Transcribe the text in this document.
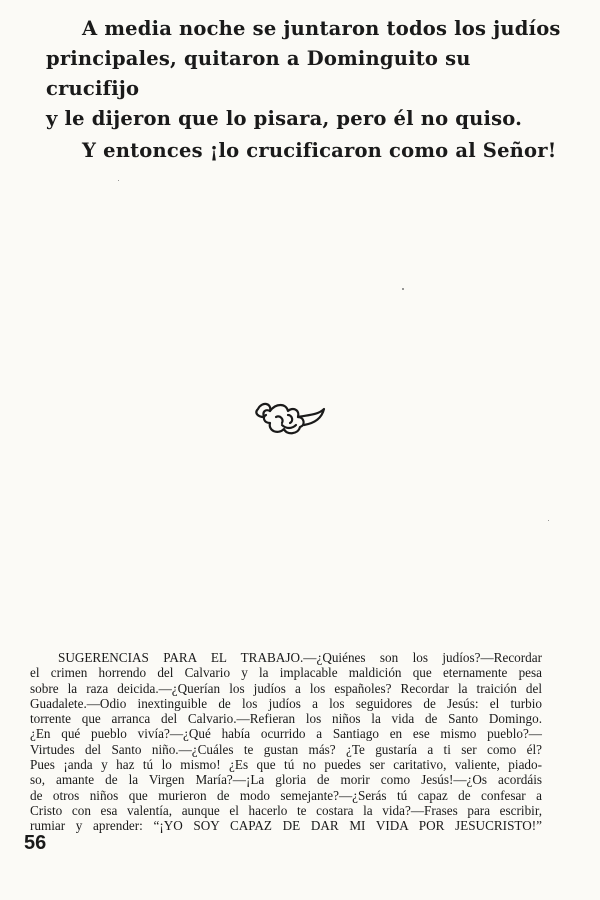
A media noche se juntaron todos los judíos

principales, quitaron a Dominguito su crucifijo

y le dijeron que lo pisara, pero él no quiso.

Y entonces ¡lo crucificaron como al Señor!

SUGERENCIAS PARA EL TRABAJO.—¿Quiénes son los judíos?—Recordar
el crimen horrendo del Calvario y la implacable maldición que eternamente pesa
sobre la raza deicida.—¿Querían los judíos a los españoles? Recordar la traición del
Guadalete.—Odio inextinguible de los judíos a los seguidores de Jesús: el turbio
torrente que arranca del Calvario.—Refieran los niños la vida de Santo Domingo.
¿En qué pueblo vivía?—¿Qué había ocurrido a Santiago en ese mismo pueblo?—
Virtudes del Santo niño.—¿Cuáles te gustan más? ¿Te gustaría a ti ser como él?
Pues ¡anda y haz tú lo mismo! ¿Es que tú no puedes ser caritativo, valiente, piado-
so, amante de la Virgen María?—¡La gloria de morir como Jesús!—¿Os acordáis
de otros niños que murieron de modo semejante?—¿Serás tú capaz de confesar a
Cristo con esa valentía, aunque el hacerlo te costara la vida?—Frases para escribir,
rumiar y aprender: “¡YO SOY CAPAZ DE DAR MI VIDA POR JESUCRISTO!”
56
